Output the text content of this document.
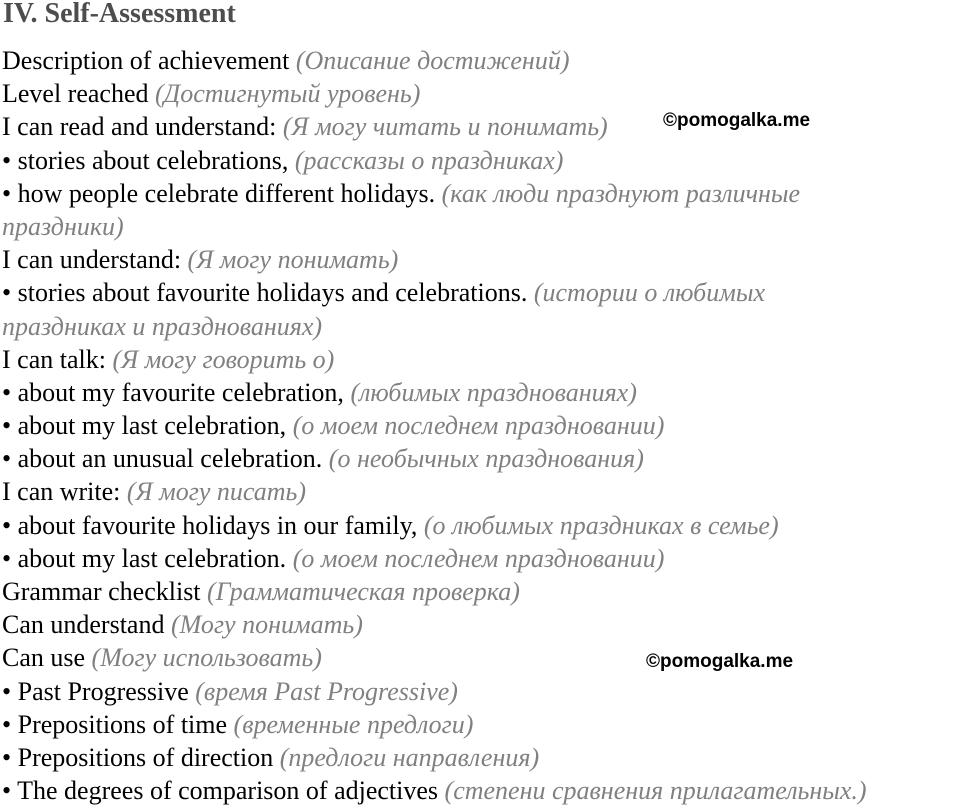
IV. Self-Assessment
Description of achievement (Описание достижений)
Level reached (Достигнутый уровень)
I can read and understand: (Я могу читать и понимать)
• stories about celebrations, (рассказы о праздниках)
• how people celebrate different holidays. (как люди празднуют различные
праздники)
I can understand: (Я могу понимать)
• stories about favourite holidays and celebrations. (истории о любимых
праздниках и празднованиях)
I can talk: (Я могу говорить о)
• about my favourite celebration, (любимых празднованиях)
• about my last celebration, (о моем последнем праздновании)
• about an unusual celebration. (о необычных празднования)
I can write: (Я могу писать)
• about favourite holidays in our family, (о любимых праздниках в семье)
• about my last celebration. (о моем последнем праздновании)
Grammar checklist (Грамматическая проверка)
Can understand (Могу понимать)
Can use (Могу использовать)
• Past Progressive (время Past Progressive)
• Prepositions of time (временные предлоги)
• Prepositions of direction (предлоги направления)
• The degrees of comparison of adjectives (степени сравнения прилагательных.)
©pomogalka.me
©pomogalka.me
